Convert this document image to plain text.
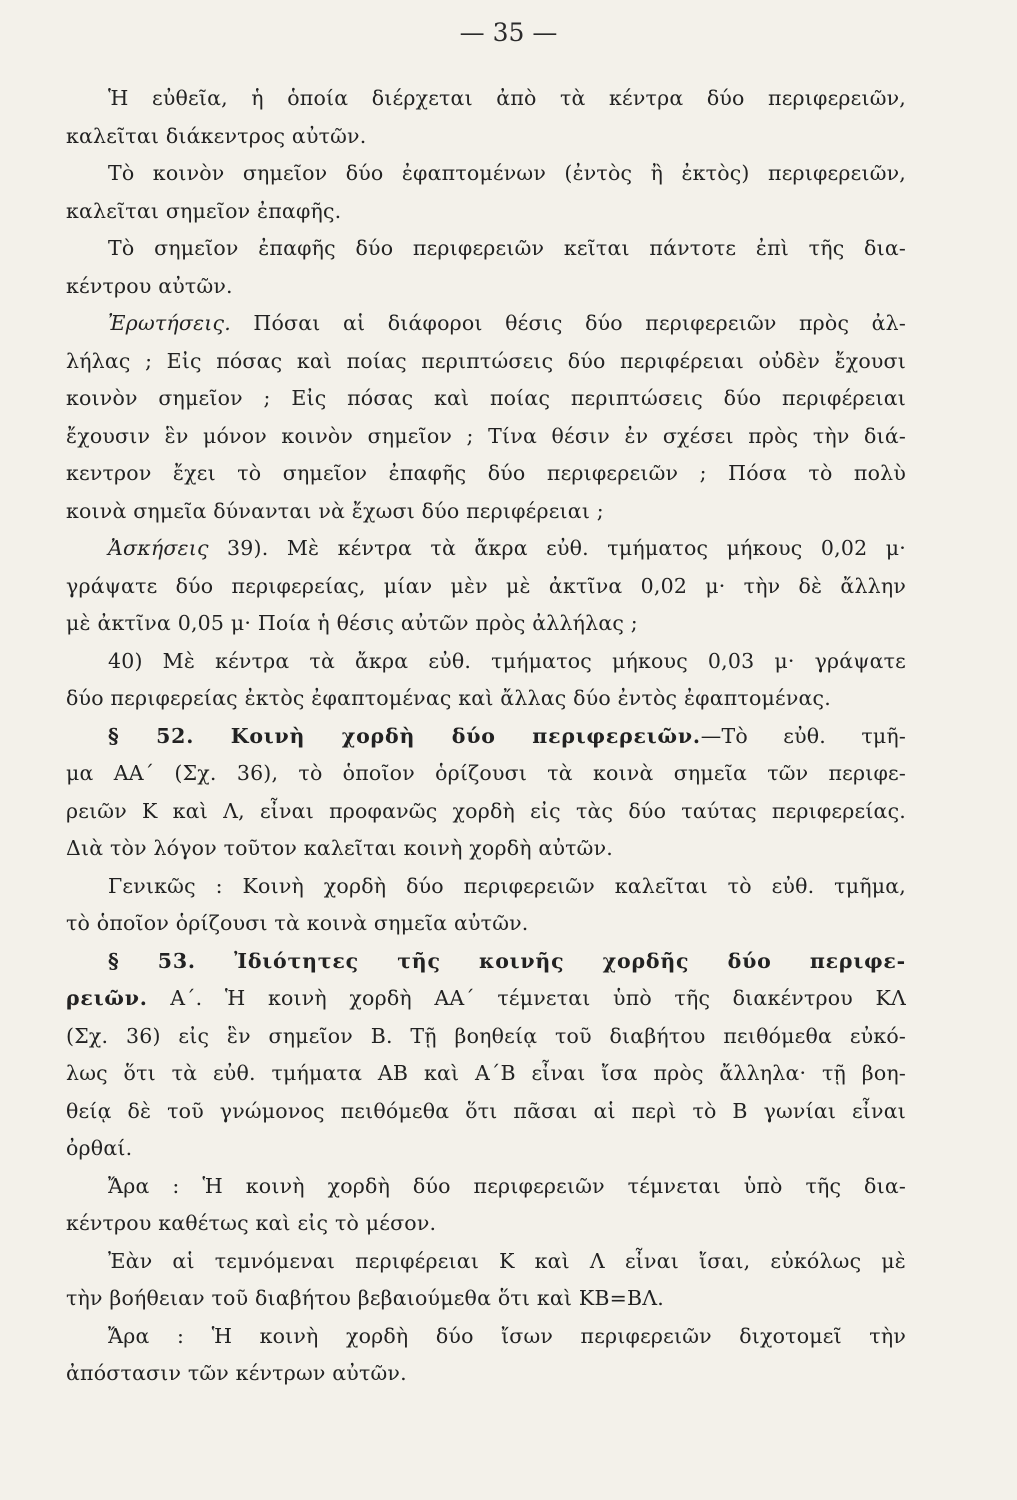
— 35 —
Ἡ εὐθεῖα, ἡ ὁποία διέρχεται ἀπὸ τὰ κέντρα δύο περιφερειῶν,
καλεῖται διάκεντρος αὐτῶν.
Τὸ κοινὸν σημεῖον δύο ἐφαπτομένων (ἐντὸς ἢ ἐκτὸς) περιφερειῶν,
καλεῖται σημεῖον ἐπαφῆς.
Τὸ σημεῖον ἐπαφῆς δύο περιφερειῶν κεῖται πάντοτε ἐπὶ τῆς δια-
κέντρου αὐτῶν.
Ἐρωτήσεις. Πόσαι αἱ διάφοροι θέσις δύο περιφερειῶν πρὸς ἀλ-
λήλας ; Εἰς πόσας καὶ ποίας περιπτώσεις δύο περιφέρειαι οὐδὲν ἔχουσι
κοινὸν σημεῖον ; Εἰς πόσας καὶ ποίας περιπτώσεις δύο περιφέρειαι
ἔχουσιν ἓν μόνον κοινὸν σημεῖον ; Τίνα θέσιν ἐν σχέσει πρὸς τὴν διά-
κεντρον ἔχει τὸ σημεῖον ἐπαφῆς δύο περιφερειῶν ; Πόσα τὸ πολὺ
κοινὰ σημεῖα δύνανται νὰ ἔχωσι δύο περιφέρειαι ;
Ἀσκήσεις 39). Μὲ κέντρα τὰ ἄκρα εὐθ. τμήματος μήκους 0,02 μ·
γράψατε δύο περιφερείας, μίαν μὲν μὲ ἀκτῖνα 0,02 μ· τὴν δὲ ἄλλην
μὲ ἀκτῖνα 0,05 μ· Ποία ἡ θέσις αὐτῶν πρὸς ἀλλήλας ;
40) Μὲ κέντρα τὰ ἄκρα εὐθ. τμήματος μήκους 0,03 μ· γράψατε
δύο περιφερείας ἐκτὸς ἐφαπτομένας καὶ ἄλλας δύο ἐντὸς ἐφαπτομένας.
§ 52. Κοινὴ χορδὴ δύο περιφερειῶν.—Τὸ εὐθ. τμῆ-
μα ΑΑ΄ (Σχ. 36), τὸ ὁποῖον ὁρίζουσι τὰ κοινὰ σημεῖα τῶν περιφε-
ρειῶν Κ καὶ Λ, εἶναι προφανῶς χορδὴ εἰς τὰς δύο ταύτας περιφερείας.
Διὰ τὸν λόγον τοῦτον καλεῖται κοινὴ χορδὴ αὐτῶν.
Γενικῶς : Κοινὴ χορδὴ δύο περιφερειῶν καλεῖται τὸ εὐθ. τμῆμα,
τὸ ὁποῖον ὁρίζουσι τὰ κοινὰ σημεῖα αὐτῶν.
§ 53. Ἰδιότητες τῆς κοινῆς χορδῆς δύο περιφε-
ρειῶν. Α΄. Ἡ κοινὴ χορδὴ ΑΑ΄ τέμνεται ὑπὸ τῆς διακέντρου ΚΛ
(Σχ. 36) εἰς ἓν σημεῖον Β. Τῇ βοηθείᾳ τοῦ διαβήτου πειθόμεθα εὐκό-
λως ὅτι τὰ εὐθ. τμήματα ΑΒ καὶ Α΄Β εἶναι ἴσα πρὸς ἄλληλα· τῇ βοη-
θείᾳ δὲ τοῦ γνώμονος πειθόμεθα ὅτι πᾶσαι αἱ περὶ τὸ Β γωνίαι εἶναι
ὀρθαί.
Ἄρα : Ἡ κοινὴ χορδὴ δύο περιφερειῶν τέμνεται ὑπὸ τῆς δια-
κέντρου καθέτως καὶ εἰς τὸ μέσον.
Ἐὰν αἱ τεμνόμεναι περιφέρειαι Κ καὶ Λ εἶναι ἴσαι, εὐκόλως μὲ
τὴν βοήθειαν τοῦ διαβήτου βεβαιούμεθα ὅτι καὶ ΚΒ=ΒΛ.
Ἄρα : Ἡ κοινὴ χορδὴ δύο ἴσων περιφερειῶν διχοτομεῖ τὴν
ἀπόστασιν τῶν κέντρων αὐτῶν.
